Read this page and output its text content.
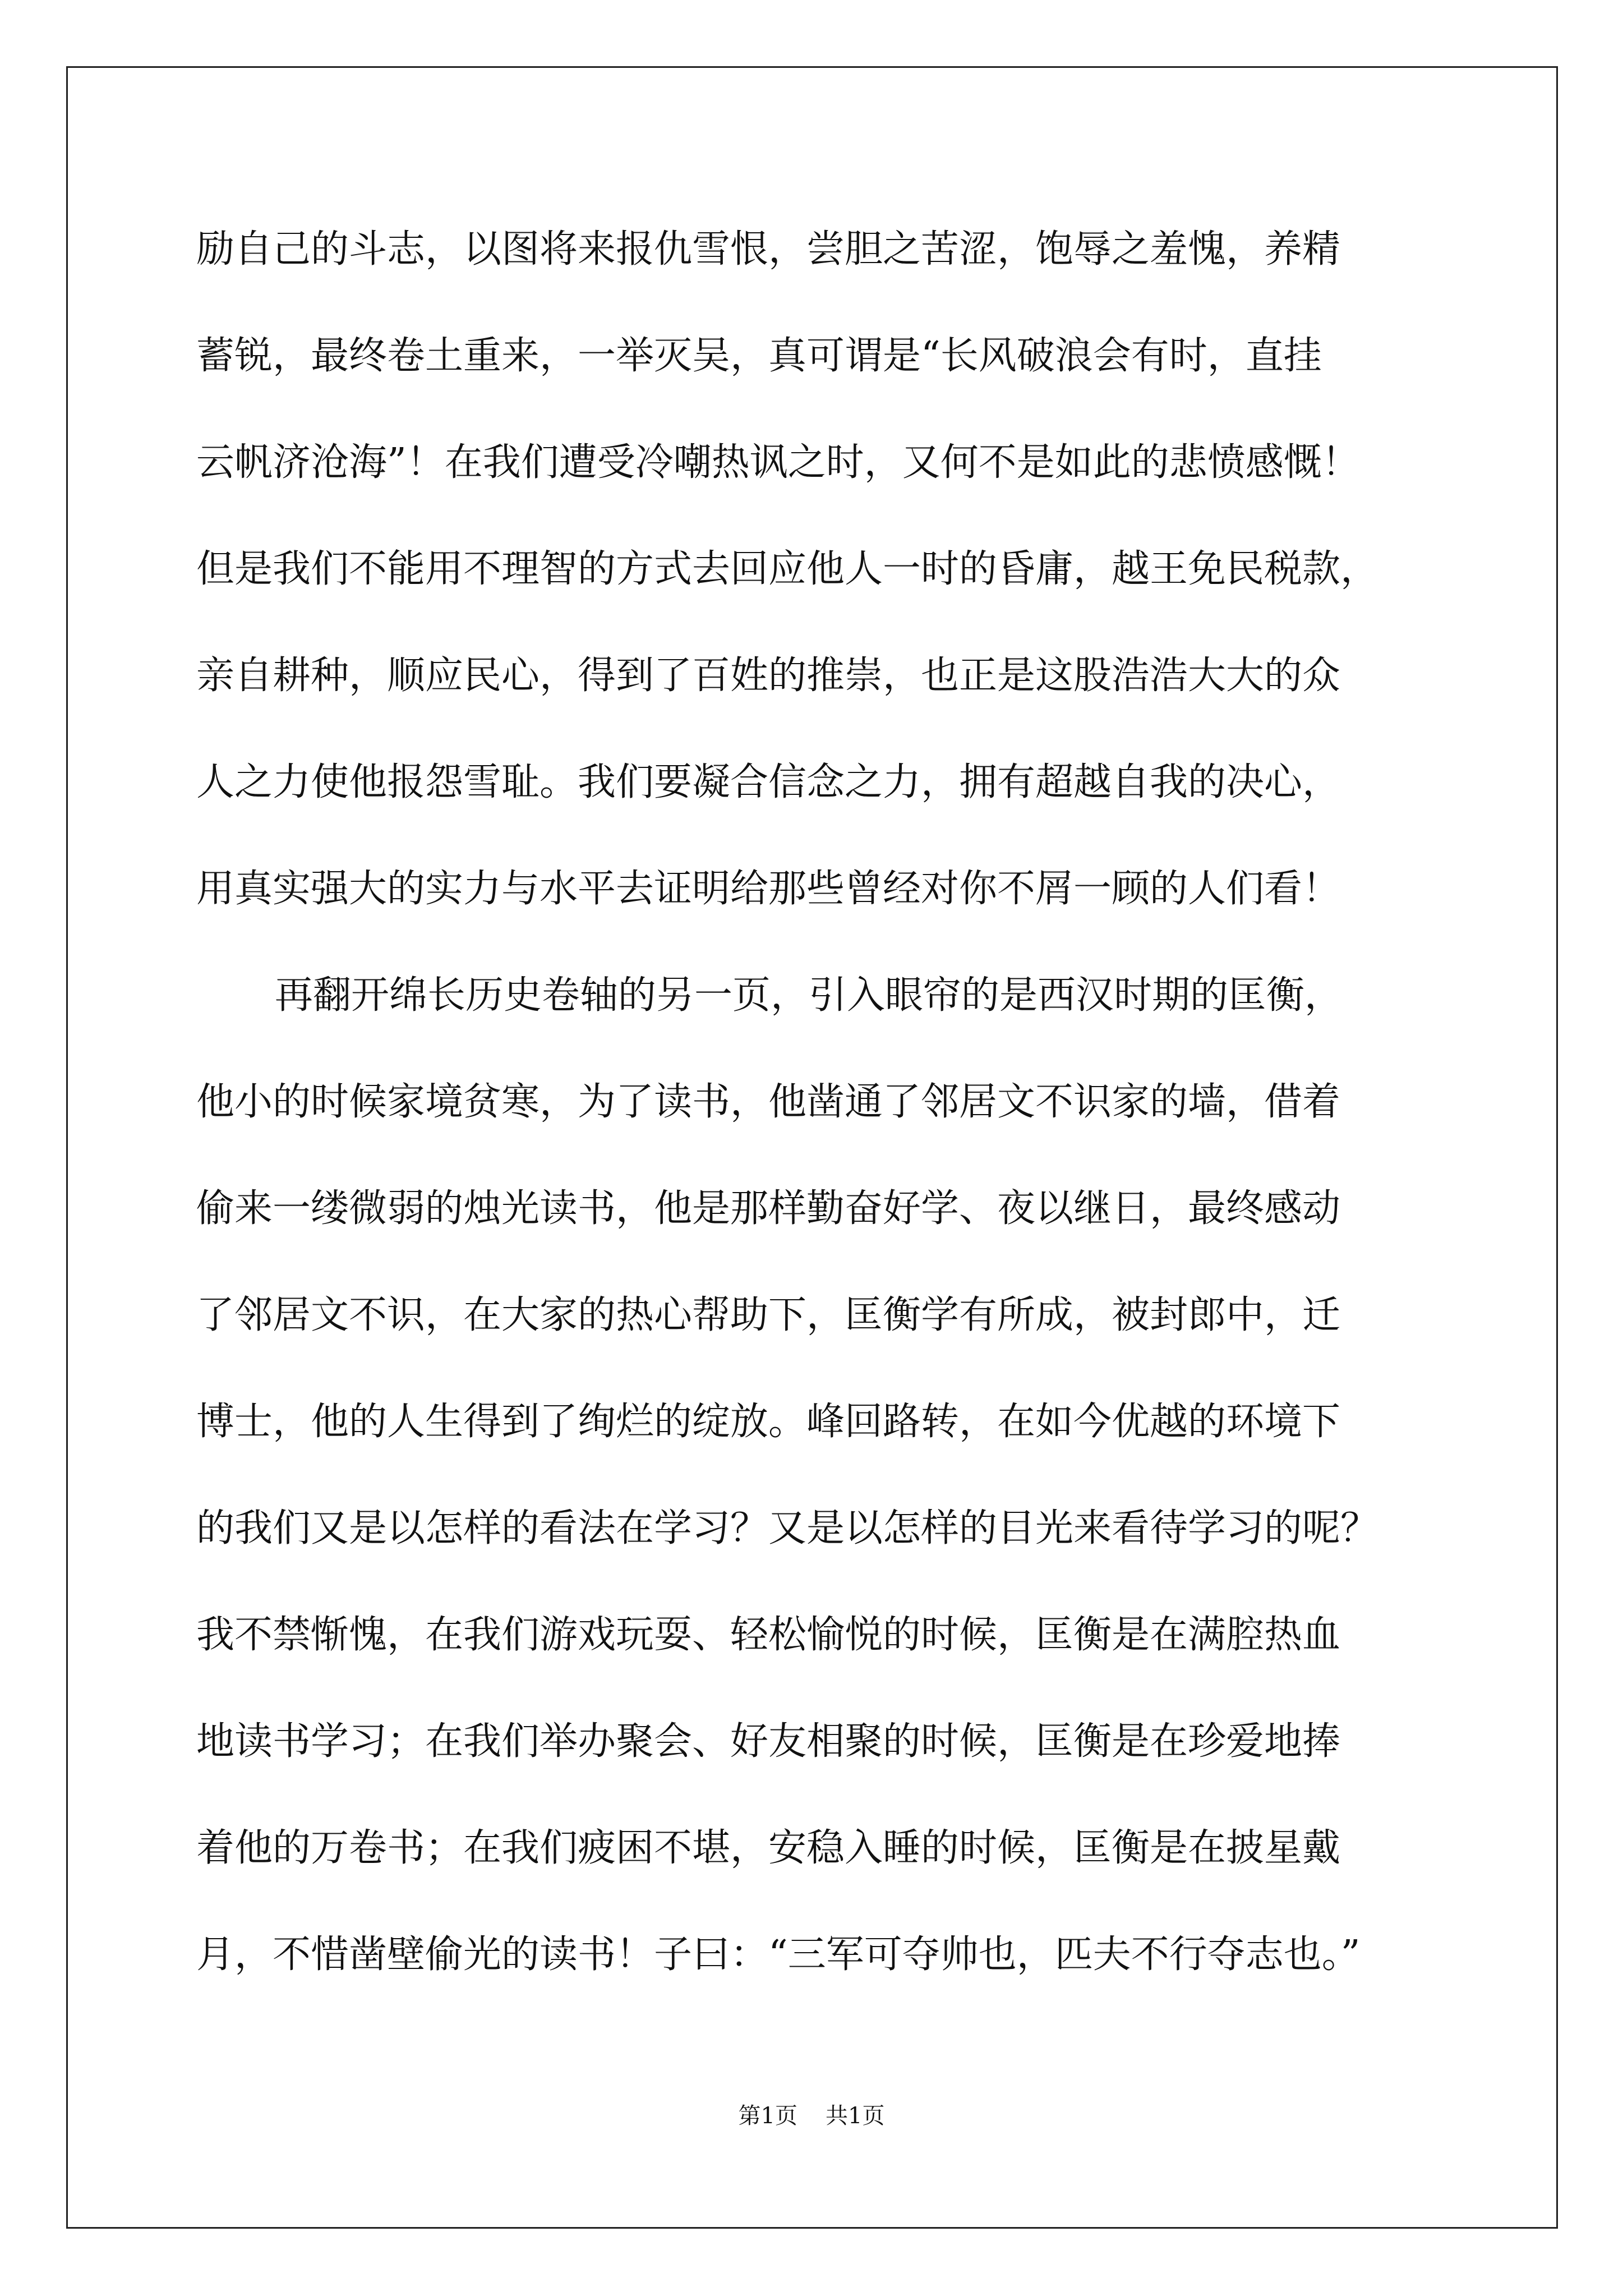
励自己的斗志，以图将来报仇雪恨，尝胆之苦涩，饱辱之羞愧，养精
蓄锐，最终卷土重来，一举灭吴，真可谓是“长风破浪会有时，直挂
云帆济沧海”！在我们遭受冷嘲热讽之时，又何不是如此的悲愤感慨！
但是我们不能用不理智的方式去回应他人一时的昏庸，越王免民税款，
亲自耕种，顺应民心，得到了百姓的推崇，也正是这股浩浩大大的众
人之力使他报怨雪耻。我们要凝合信念之力，拥有超越自我的决心，
用真实强大的实力与水平去证明给那些曾经对你不屑一顾的人们看！
再翻开绵长历史卷轴的另一页，引入眼帘的是西汉时期的匡衡，
他小的时候家境贫寒，为了读书，他凿通了邻居文不识家的墙，借着
偷来一缕微弱的烛光读书，他是那样勤奋好学、夜以继日，最终感动
了邻居文不识，在大家的热心帮助下，匡衡学有所成，被封郎中，迁
博士，他的人生得到了绚烂的绽放。峰回路转，在如今优越的环境下
的我们又是以怎样的看法在学习？又是以怎样的目光来看待学习的呢？
我不禁惭愧，在我们游戏玩耍、轻松愉悦的时候，匡衡是在满腔热血
地读书学习；在我们举办聚会、好友相聚的时候，匡衡是在珍爱地捧
着他的万卷书；在我们疲困不堪，安稳入睡的时候，匡衡是在披星戴
月，不惜凿壁偷光的读书！子曰：“三军可夺帅也，匹夫不行夺志也。”
第1页 共1页
